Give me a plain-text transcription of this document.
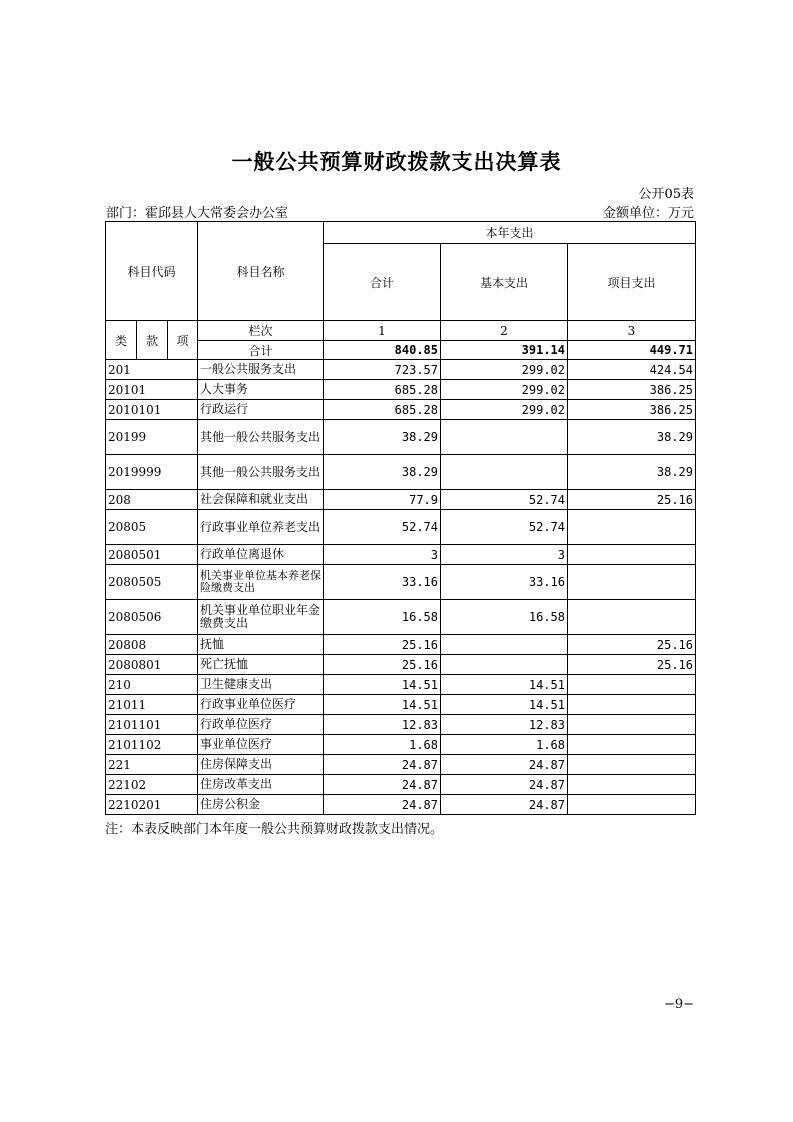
一般公共预算财政拨款支出决算表
公开05表
部门：霍邱县人大常委会办公室	金额单位：万元
科目代码			科目名称	本年支出		
				合计	基本支出	项目支出

类	款	项	栏次	1	2	3
			合计	840.85	391.14	449.71
201			一般公共服务支出	723.57	299.02	424.54
20101			人大事务	685.28	299.02	386.25
2010101			行政运行	685.28	299.02	386.25
20199			其他一般公共服务支出	38.29		38.29
2019999			其他一般公共服务支出	38.29		38.29
208			社会保障和就业支出	77.9	52.74	25.16
20805			行政事业单位养老支出	52.74	52.74	
2080501			行政单位离退休	3	3	
2080505			机关事业单位基本养老保险缴费支出	33.16	33.16	
2080506			机关事业单位职业年金缴费支出	16.58	16.58	
20808			抚恤	25.16		25.16
2080801			死亡抚恤	25.16		25.16
210			卫生健康支出	14.51	14.51	
21011			行政事业单位医疗	14.51	14.51	
2101101			行政单位医疗	12.83	12.83	
2101102			事业单位医疗	1.68	1.68	
221			住房保障支出	24.87	24.87	
22102			住房改革支出	24.87	24.87	
2210201			住房公积金	24.87	24.87	
注：本表反映部门本年度一般公共预算财政拨款支出情况。
−9−
